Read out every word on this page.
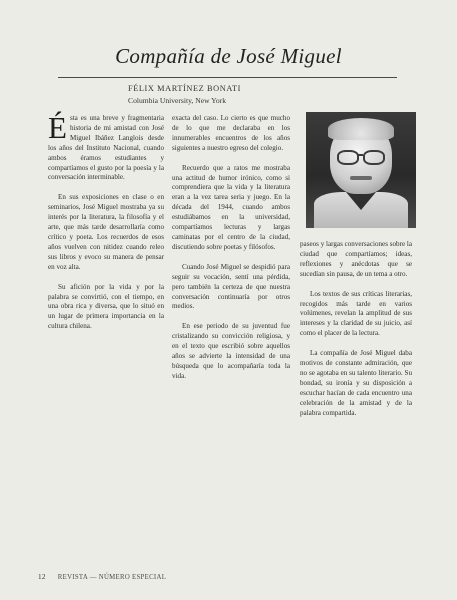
Compañía de José Miguel
FÉLIX MARTÍNEZ BONATI
Columbia University, New York

Ésta es una breve y fragmentaria historia de mi amistad con José Miguel Ibáñez Langlois desde los años del Instituto Nacional, cuando ambos éramos estudiantes y compartíamos el gusto por la poesía y la conversación interminable.

En sus exposiciones en clase o en seminarios, José Miguel mostraba ya su interés por la literatura, la filosofía y el arte, que más tarde desarrollaría como crítico y poeta. Los recuerdos de esos años vuelven con nitidez cuando releo sus libros y evoco su manera de pensar en voz alta.

Su afición por la vida y por la palabra se convirtió, con el tiempo, en una obra rica y diversa, que lo situó en un lugar de primera importancia en la cultura chilena.

exacta del caso. Lo cierto es que mucho de lo que me declaraba en los innumerables encuentros de los años siguientes a nuestro egreso del colegio.

Recuerdo que a ratos me mostraba una actitud de humor irónico, como si comprendiera que la vida y la literatura eran a la vez tarea seria y juego. En la década del 1944, cuando ambos estudiábamos en la universidad, compartíamos lecturas y largas caminatas por el centro de la ciudad, discutiendo sobre poetas y filósofos.

Cuando José Miguel se despidió para seguir su vocación, sentí una pérdida, pero también la certeza de que nuestra conversación continuaría por otros medios.

En ese periodo de su juventud fue cristalizando su convicción religiosa, y en el texto que escribió sobre aquellos años se advierte la intensidad de una búsqueda que lo acompañaría toda la vida.

paseos y largas conversaciones sobre la ciudad que compartíamos; ideas, reflexiones y anécdotas que se sucedían sin pausa, de un tema a otro.

Los textos de sus críticas literarias, recogidos más tarde en varios volúmenes, revelan la amplitud de sus intereses y la claridad de su juicio, así como el placer de la lectura.

La compañía de José Miguel daba motivos de constante admiración, que no se agotaba en su talento literario. Su bondad, su ironía y su disposición a escuchar hacían de cada encuentro una celebración de la amistad y de la palabra compartida.

12 REVISTA — NÚMERO ESPECIAL
